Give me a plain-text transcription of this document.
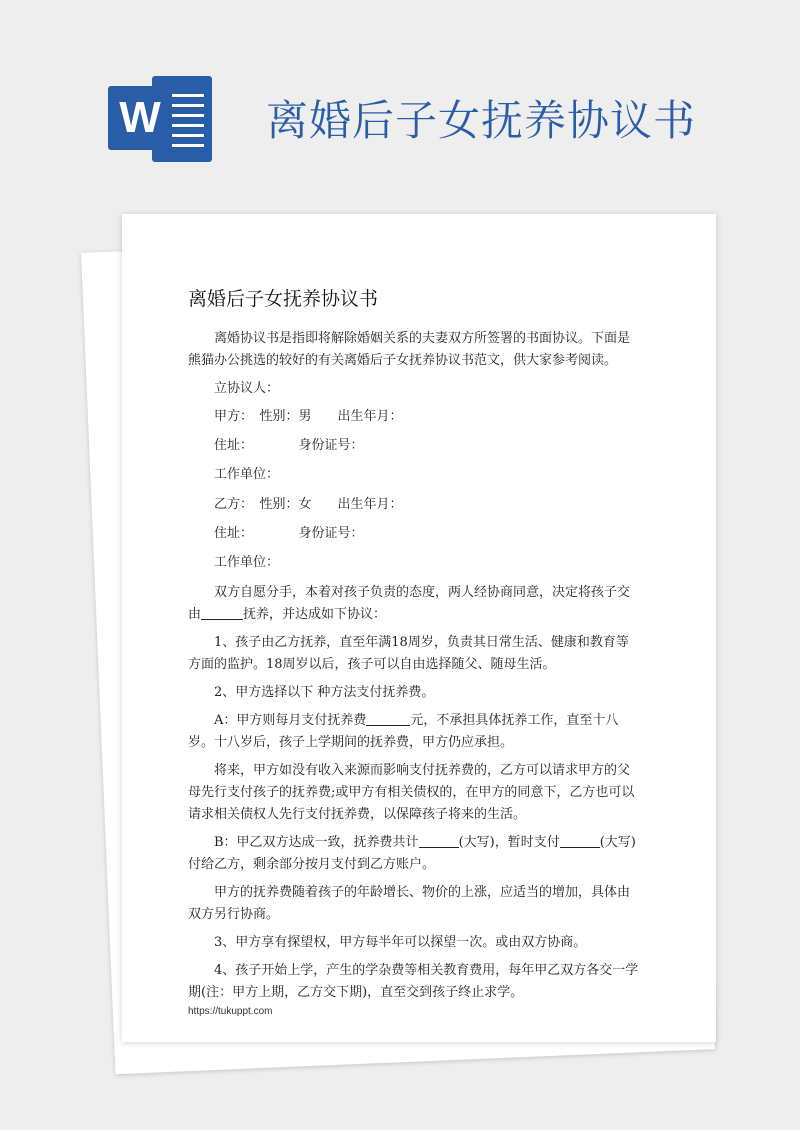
W	离婚后子女抚养协议书
离婚后子女抚养协议书
离婚协议书是指即将解除婚姻关系的夫妻双方所签署的书面协议。下面是
熊猫办公挑选的较好的有关离婚后子女抚养协议书范文，供大家参考阅读。
立协议人：
甲方：　性别：男　　出生年月：
住址：　　　　身份证号：
工作单位：
乙方：　性别：女　　出生年月：
住址：　　　　身份证号：
工作单位：
双方自愿分手，本着对孩子负责的态度，两人经协商同意，决定将孩子交
由	抚养，并达成如下协议：
1、孩子由乙方抚养，直至年满18周岁，负责其日常生活、健康和教育等
方面的监护。18周岁以后，孩子可以自由选择随父、随母生活。
2、甲方选择以下 种方法支付抚养费。
A：甲方则每月支付抚养费	元，不承担具体抚养工作，直至十八
岁。十八岁后，孩子上学期间的抚养费，甲方仍应承担。
将来，甲方如没有收入来源而影响支付抚养费的，乙方可以请求甲方的父
母先行支付孩子的抚养费;或甲方有相关债权的，在甲方的同意下，乙方也可以
请求相关债权人先行支付抚养费，以保障孩子将来的生活。
B：甲乙双方达成一致，抚养费共计	(大写)，暂时支付	(大写)
付给乙方，剩余部分按月支付到乙方账户。
甲方的抚养费随着孩子的年龄增长、物价的上涨，应适当的增加，具体由
双方另行协商。
3、甲方享有探望权，甲方每半年可以探望一次。或由双方协商。
4、孩子开始上学，产生的学杂费等相关教育费用，每年甲乙双方各交一学
期(注：甲方上期，乙方交下期)，直至交到孩子终止求学。
https://tukuppt.com
